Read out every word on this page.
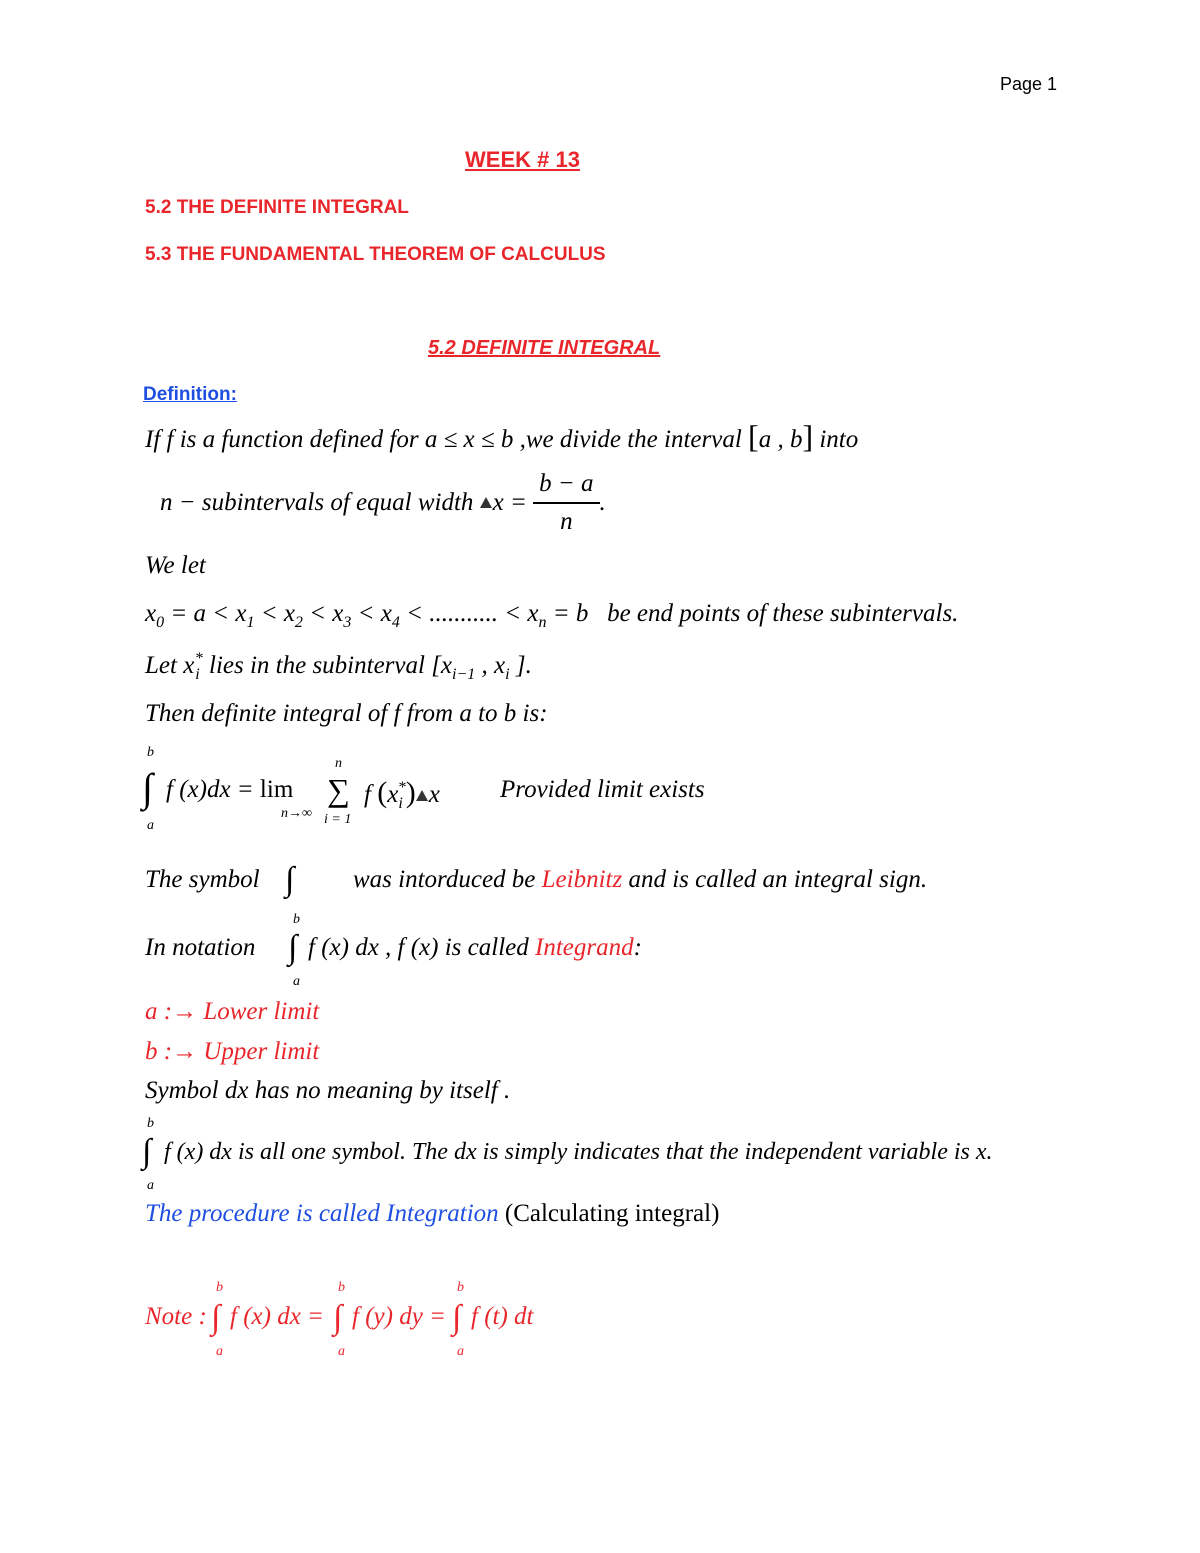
Page 1
WEEK # 13
5.2 THE DEFINITE INTEGRAL
5.3 THE FUNDAMENTAL THEOREM OF CALCULUS
5.2 DEFINITE INTEGRAL
Definition:
If f is a function defined for a ≤ x ≤ b ,we divide the interval [a , b] into
n − subintervals of equal width $x = \frac{b - a}{n}$ .
We let
$x_0 = a < x_1 < x_2 < x_3 < x_4$ < ........... < $x_n = b$   be end points of these subintervals.
Let $x_i^*$ lies in the subinterval [$x_{i-1}$ , $x_i$ ].
Then definite integral of f from a to b is:
b
∫
a
f (x)dx = lim
n→∞
n
∑
i = 1
f $(x_i^*)$ x Provided limit exists
The symbol ∫ was intorduced be Leibnitz and is called an integral sign.
In notation
b
∫
a
f (x) dx , f (x) is called Integrand:
a :→ Lower limit
b :→ Upper limit
Symbol dx has no meaning by itself .
b
∫
a
f (x) dx is all one symbol. The dx is simply indicates that the independent variable is x.
The procedure is called Integration (Calculating integral)
Note :
b
∫
a
f (x) dx =
b
∫
a
f (y) dy =
b
∫
a
f (t) dt
